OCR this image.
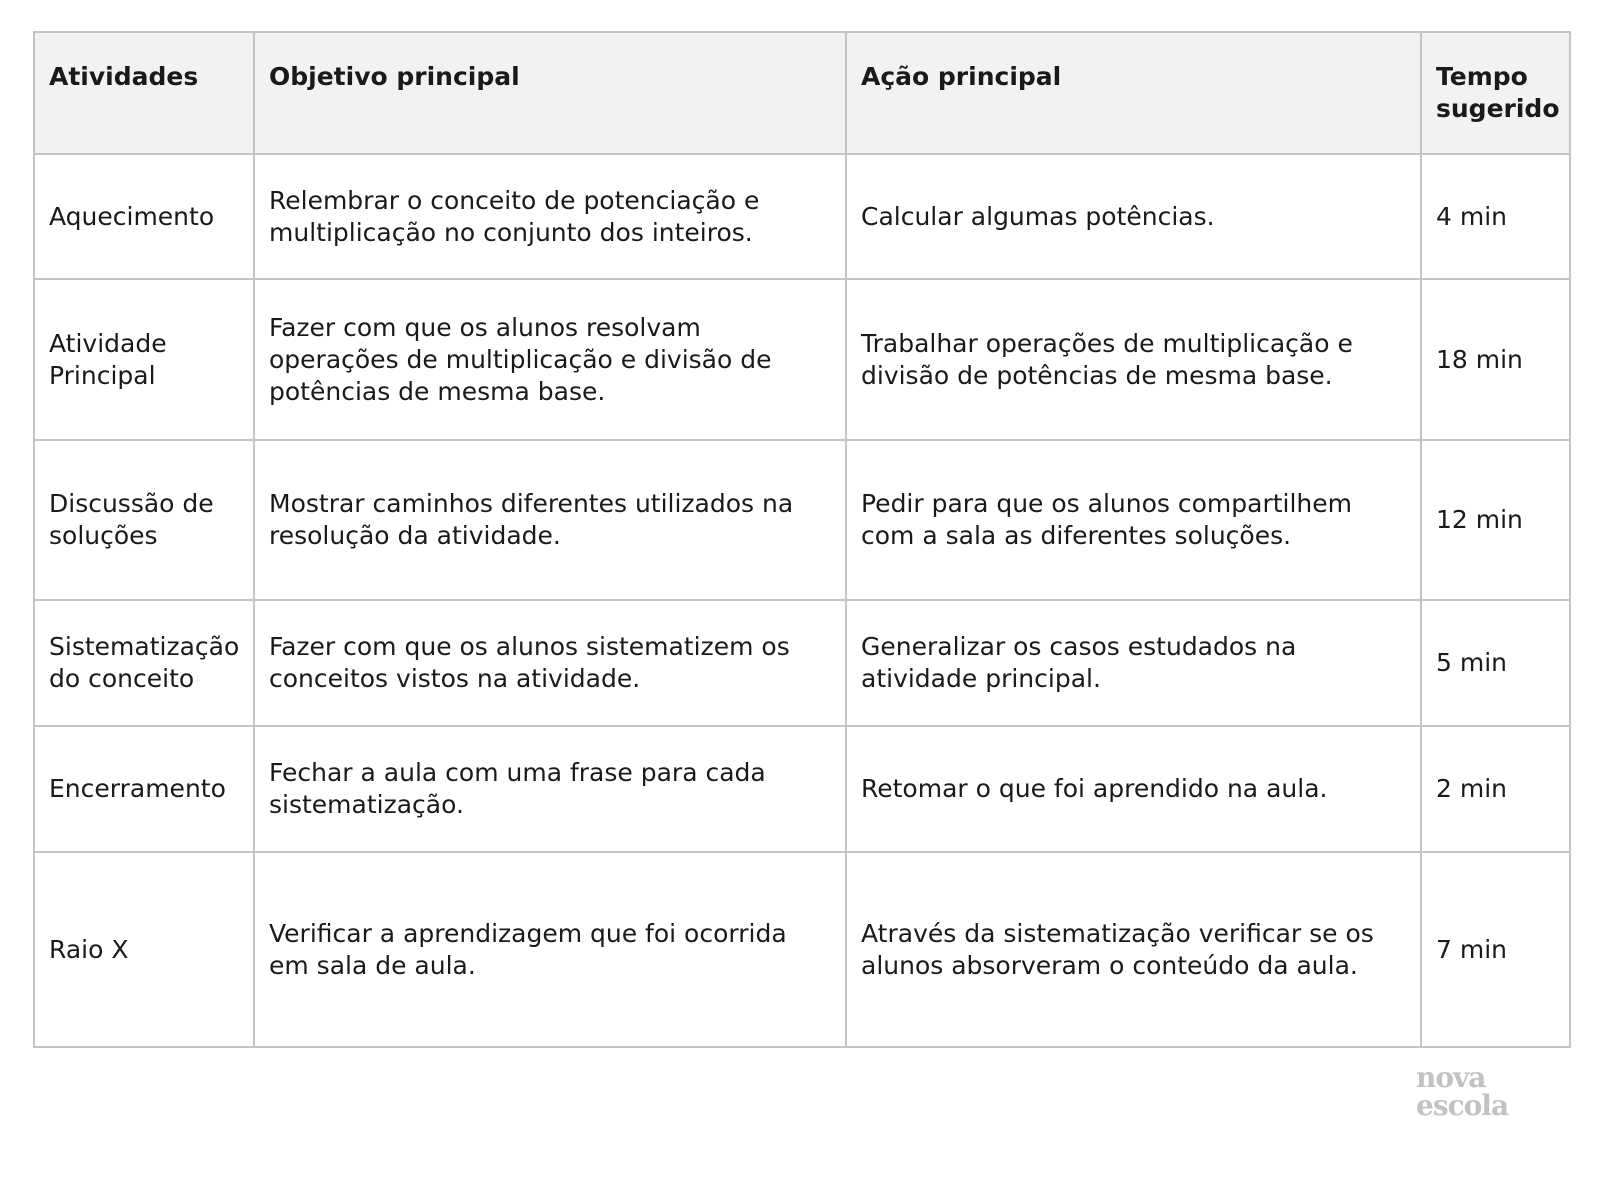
Atividades	Objetivo principal	Ação principal	Tempo sugerido
Aquecimento	Relembrar o conceito de potenciação e multiplicação no conjunto dos inteiros.	Calcular algumas potências.	4 min
Atividade Principal	Fazer com que os alunos resolvam operações de multiplicação e divisão de potências de mesma base.	Trabalhar operações de multiplicação e divisão de potências de mesma base.	18 min
Discussão de soluções	Mostrar caminhos diferentes utilizados na resolução da atividade.	Pedir para que os alunos compartilhem com a sala as diferentes soluções.	12 min
Sistematização do conceito	Fazer com que os alunos sistematizem os conceitos vistos na atividade.	Generalizar os casos estudados na atividade principal.	5 min
Encerramento	Fechar a aula com uma frase para cada sistematização.	Retomar o que foi aprendido na aula.	2 min
Raio X	Verificar a aprendizagem que foi ocorrida em sala de aula.	Através da sistematização verificar se os alunos absorveram o conteúdo da aula.	7 min
nova
escola
